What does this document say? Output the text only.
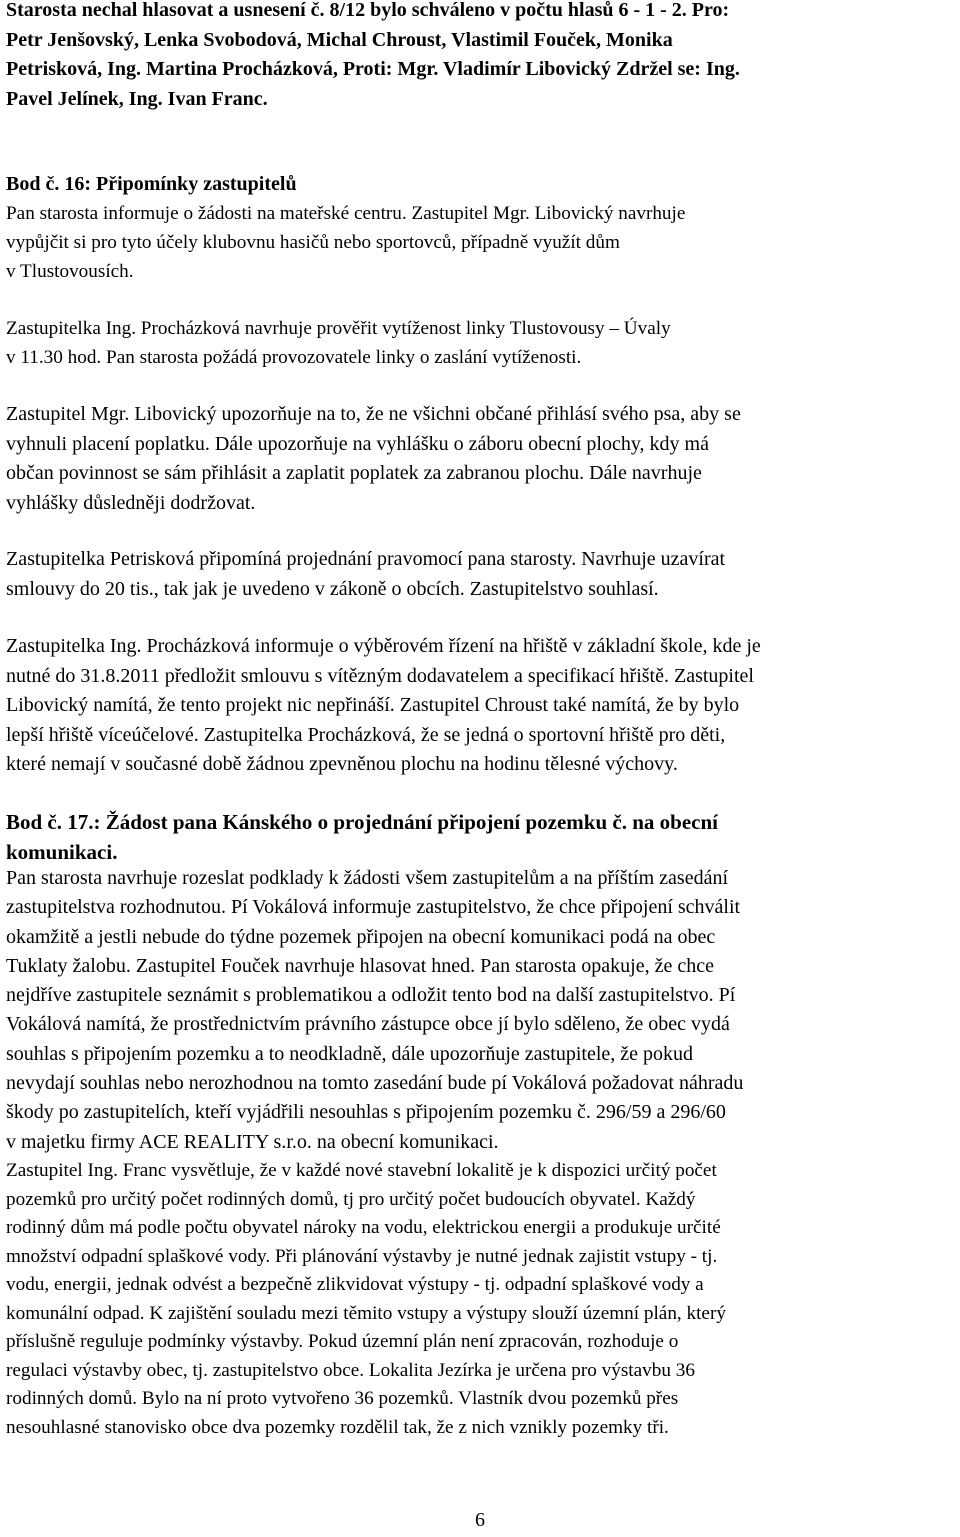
Starosta nechal hlasovat a usnesení č. 8/12 bylo schváleno v počtu hlasů 6 - 1 - 2. Pro:
Petr Jenšovský, Lenka Svobodová, Michal Chroust, Vlastimil Fouček, Monika
Petrisková, Ing. Martina Procházková, Proti: Mgr. Vladimír Libovický Zdržel se: Ing.
Pavel Jelínek, Ing. Ivan Franc.
Bod č. 16: Připomínky zastupitelů
Pan starosta informuje o žádosti na mateřské centru. Zastupitel Mgr. Libovický navrhuje
vypůjčit si pro tyto účely klubovnu hasičů nebo sportovců, případně využít dům
v Tlustovousích.
Zastupitelka Ing. Procházková navrhuje prověřit vytíženost linky Tlustovousy – Úvaly
v 11.30 hod. Pan starosta požádá provozovatele linky o zaslání vytíženosti.
Zastupitel Mgr. Libovický upozorňuje na to, že ne všichni občané přihlásí svého psa, aby se
vyhnuli placení poplatku. Dále upozorňuje na vyhlášku o záboru obecní plochy, kdy má
občan povinnost se sám přihlásit a zaplatit poplatek za zabranou plochu. Dále navrhuje
vyhlášky důsledněji dodržovat.
Zastupitelka Petrisková připomíná projednání pravomocí pana starosty. Navrhuje uzavírat
smlouvy do 20 tis., tak jak je uvedeno v zákoně o obcích. Zastupitelstvo souhlasí.
Zastupitelka Ing. Procházková informuje o výběrovém řízení na hřiště v základní škole, kde je
nutné do 31.8.2011 předložit smlouvu s vítězným dodavatelem a specifikací hřiště. Zastupitel
Libovický namítá, že tento projekt nic nepřináší. Zastupitel Chroust také namítá, že by bylo
lepší hřiště víceúčelové. Zastupitelka Procházková, že se jedná o sportovní hřiště pro děti,
které nemají v současné době žádnou zpevněnou plochu na hodinu tělesné výchovy.
Bod č. 17.: Žádost pana Kánského o projednání připojení pozemku č. na obecní
komunikaci.
Pan starosta navrhuje rozeslat podklady k žádosti všem zastupitelům a na příštím zasedání
zastupitelstva rozhodnutou. Pí Vokálová informuje zastupitelstvo, že chce připojení schválit
okamžitě a jestli nebude do týdne pozemek připojen na obecní komunikaci podá na obec
Tuklaty žalobu. Zastupitel Fouček navrhuje hlasovat hned. Pan starosta opakuje, že chce
nejdříve zastupitele seznámit s problematikou a odložit tento bod na další zastupitelstvo. Pí
Vokálová namítá, že prostřednictvím právního zástupce obce jí bylo sděleno, že obec vydá
souhlas s připojením pozemku a to neodkladně, dále upozorňuje zastupitele, že pokud
nevydají souhlas nebo nerozhodnou na tomto zasedání bude pí Vokálová požadovat náhradu
škody po zastupitelích, kteří vyjádřili nesouhlas s připojením pozemku č. 296/59 a 296/60
v majetku firmy ACE REALITY s.r.o. na obecní komunikaci.
Zastupitel Ing. Franc vysvětluje, že v každé nové stavební lokalitě je k dispozici určitý počet
pozemků pro určitý počet rodinných domů, tj pro určitý počet budoucích obyvatel. Každý
rodinný dům má podle počtu obyvatel nároky na vodu, elektrickou energii a produkuje určité
množství odpadní splaškové vody. Při plánování výstavby je nutné jednak zajistit vstupy - tj.
vodu, energii, jednak odvést a bezpečně zlikvidovat výstupy - tj. odpadní splaškové vody a
komunální odpad. K zajištění souladu mezi těmito vstupy a výstupy slouží územní plán, který
příslušně reguluje podmínky výstavby. Pokud územní plán není zpracován, rozhoduje o
regulaci výstavby obec, tj. zastupitelstvo obce. Lokalita Jezírka je určena pro výstavbu 36
rodinných domů. Bylo na ní proto vytvořeno 36 pozemků. Vlastník dvou pozemků přes
nesouhlasné stanovisko obce dva pozemky rozdělil tak, že z nich vznikly pozemky tři.
6
